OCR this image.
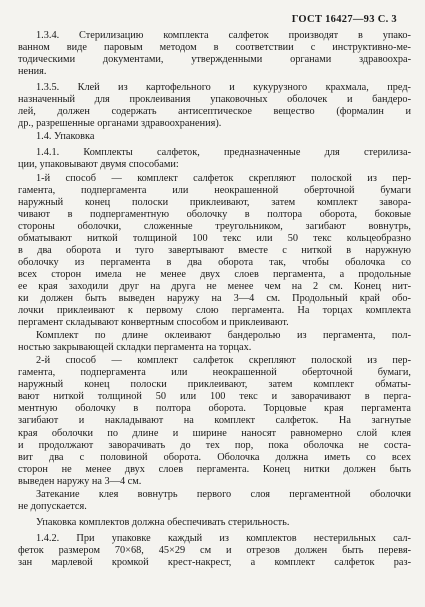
ГОСТ 16427—93 С. 3
1.3.4. Стерилизацию комплекта салфеток производят в упако-
ванном виде паровым методом в соответствии с инструктивно-ме-
тодическими документами, утвержденными органами здравоохра-
нения.
1.3.5. Клей из картофельного и кукурузного крахмала, пред-
назначенный для проклеивания упаковочных оболочек и бандеро-
лей, должен содержать антисептическое вещество (формалин и
др., разрешенные органами здравоохранения).
1.4. Упаковка
1.4.1. Комплекты салфеток, предназначенные для стерилиза-
ции, упаковывают двумя способами:
1-й способ — комплект салфеток скрепляют полоской из пер-
гамента, подпергамента или неокрашенной оберточной бумаги
наружный конец полоски приклеивают, затем комплект завора-
чивают в подпергаментную оболочку в полтора оборота, боковые
стороны оболочки, сложенные треугольником, загибают вовнутрь,
обматывают ниткой толщиной 100 текс или 50 текс кольцеобразно
в два оборота и туго завертывают вместе с ниткой в наружную
оболочку из пергамента в два оборота так, чтобы оболочка со
всех сторон имела не менее двух слоев пергамента, а продольные
ее края заходили друг на друга не менее чем на 2 см. Конец нит-
ки должен быть выведен наружу на 3—4 см. Продольный край обо-
лочки приклеивают к первому слою пергамента. На торцах комплекта
пергамент складывают конвертным способом и приклеивают.
Комплект по длине оклеивают бандеролью из пергамента, пол-
ностью закрывающей складки пергамента на торцах.
2-й способ — комплект салфеток скрепляют полоской из пер-
гамента, подпергамента или неокрашенной оберточной бумаги,
наружный конец полоски приклеивают, затем комплект обматы-
вают ниткой толщиной 50 или 100 текс и заворачивают в перга-
ментную оболочку в полтора оборота. Торцовые края пергамента
загибают и накладывают на комплект салфеток. На загнутые
края оболочки по длине и ширине наносят равномерно слой клея
и продолжают заворачивать до тех пор, пока оболочка не соста-
вит два с половиной оборота. Оболочка должна иметь со всех
сторон не менее двух слоев пергамента. Конец нитки должен быть
выведен наружу на 3—4 см.
Затекание клея вовнутрь первого слоя пергаментной оболочки
не допускается.
Упаковка комплектов должна обеспечивать стерильность.
1.4.2. При упаковке каждый из комплектов нестерильных сал-
феток размером 70×68, 45×29 см и отрезов должен быть перевя-
зан марлевой кромкой крест-накрест, а комплект салфеток раз-
